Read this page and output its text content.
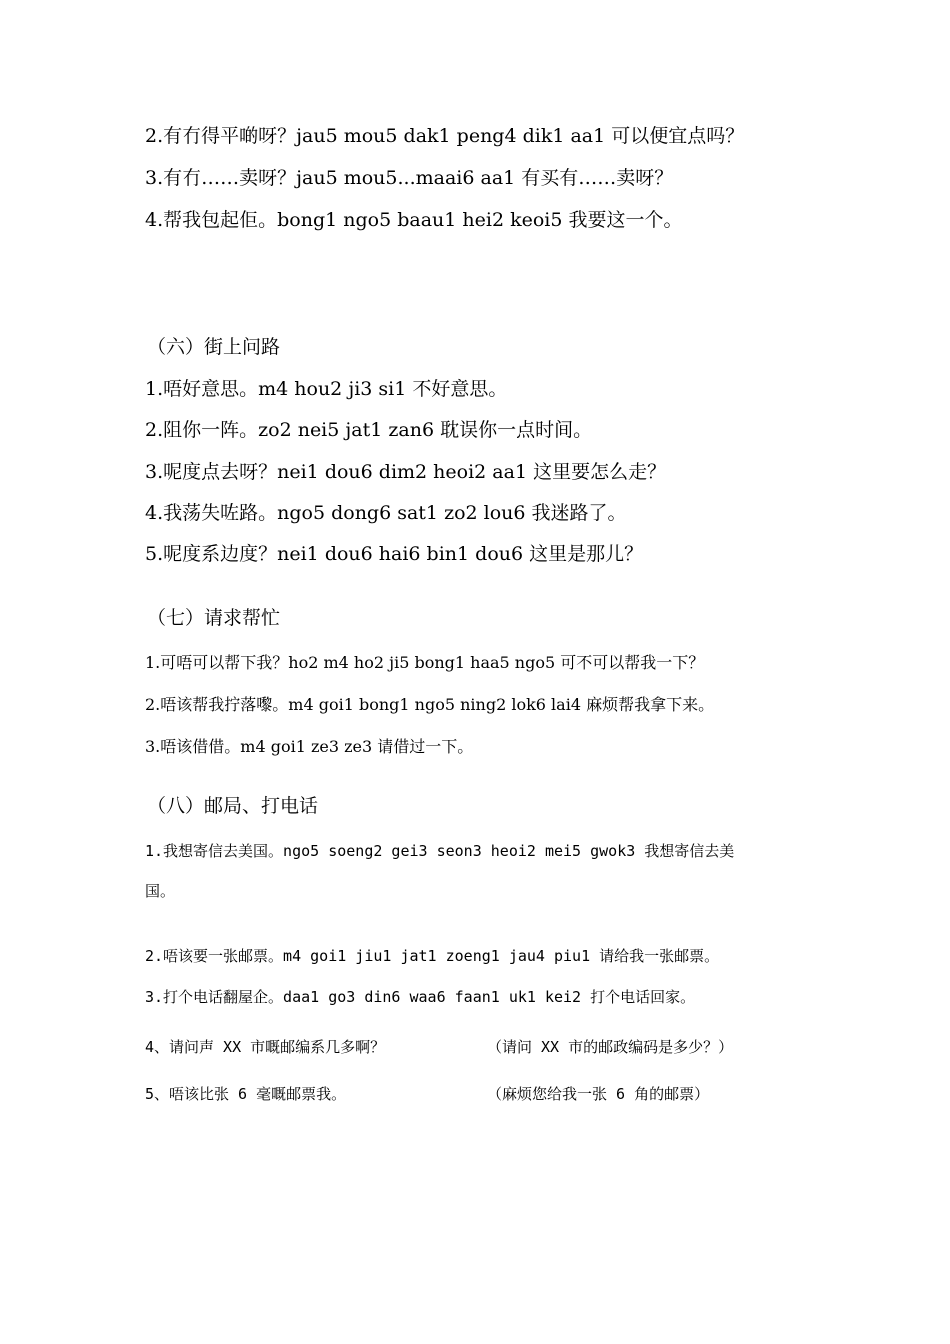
2.有冇得平啲呀？jau5 mou5 dak1 peng4 dik1 aa1 可以便宜点吗？
3.有冇……卖呀？jau5 mou5...maai6 aa1 有买有……卖呀？
4.帮我包起佢。bong1 ngo5 baau1 hei2 keoi5 我要这一个。
（六）街上问路
1.唔好意思。m4 hou2 ji3 si1 不好意思。
2.阻你一阵。zo2 nei5 jat1 zan6 耽误你一点时间。
3.呢度点去呀？nei1 dou6 dim2 heoi2 aa1 这里要怎么走？
4.我荡失咗路。ngo5 dong6 sat1 zo2 lou6 我迷路了。
5.呢度系边度？nei1 dou6 hai6 bin1 dou6 这里是那儿？
（七）请求帮忙
1.可唔可以帮下我？ho2 m4 ho2 ji5 bong1 haa5 ngo5 可不可以帮我一下？
2.唔该帮我拧落嚟。m4 goi1 bong1 ngo5 ning2 lok6 lai4 麻烦帮我拿下来。
3.唔该借借。m4 goi1 ze3 ze3 请借过一下。
（八）邮局、打电话
1.我想寄信去美国。ngo5 soeng2 gei3 seon3 heoi2 mei5 gwok3 我想寄信去美
国。
2.唔该要一张邮票。m4 goi1 jiu1 jat1 zoeng1 jau4 piu1 请给我一张邮票。
3.打个电话翻屋企。daa1 go3 din6 waa6 faan1 uk1 kei2 打个电话回家。
4、请问声 XX 市嘅邮编系几多啊？	（请问 XX 市的邮政编码是多少？）
5、唔该比张 6 毫嘅邮票我。	（麻烦您给我一张 6 角的邮票）
